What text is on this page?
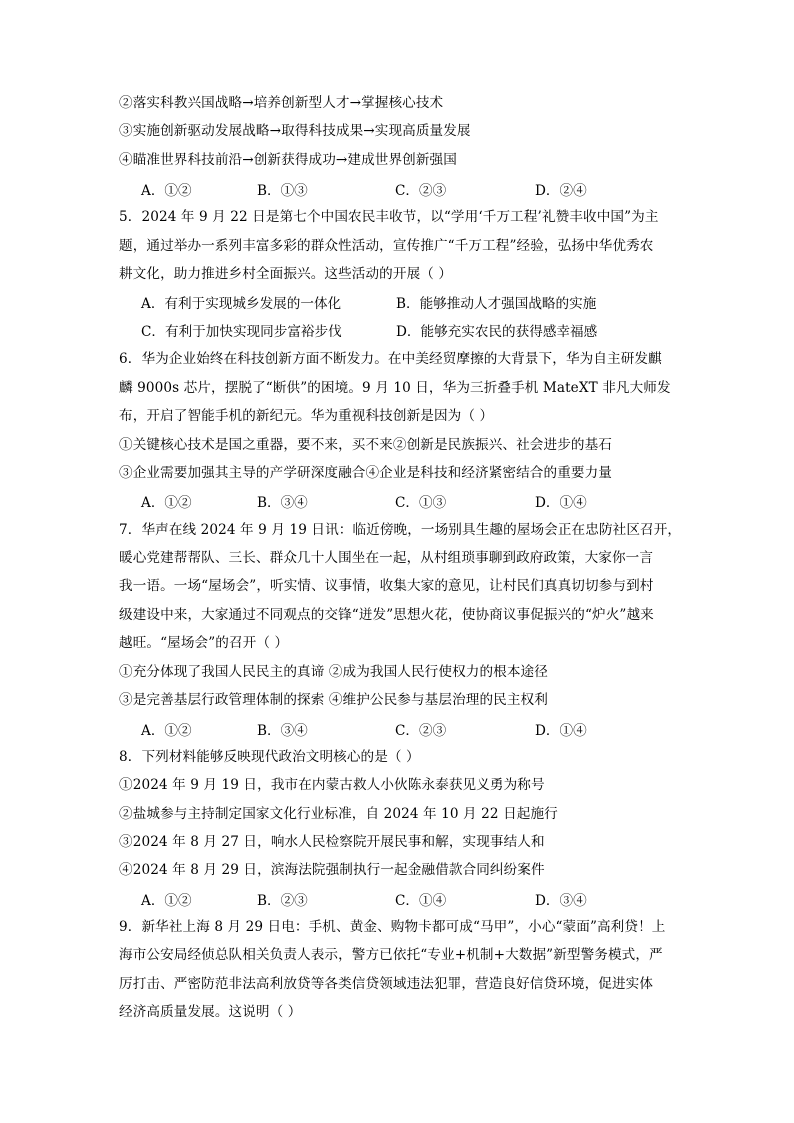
②落实科教兴国战略→培养创新型人才→掌握核心技术
③实施创新驱动发展战略→取得科技成果→实现高质量发展
④瞄准世界科技前沿→创新获得成功→建成世界创新强国
A．①②	B．①③	C．②③	D．②④
5．2024 年 9 月 22 日是第七个中国农民丰收节，以“学用‘千万工程’礼赞丰收中国”为主
题，通过举办一系列丰富多彩的群众性活动，宣传推广“千万工程”经验，弘扬中华优秀农
耕文化，助力推进乡村全面振兴。这些活动的开展（ ）
A．有利于实现城乡发展的一体化	B．能够推动人才强国战略的实施
C．有利于加快实现同步富裕步伐	D．能够充实农民的获得感幸福感
6．华为企业始终在科技创新方面不断发力。在中美经贸摩擦的大背景下，华为自主研发麒
麟 9000s 芯片，摆脱了“断供”的困境。9 月 10 日，华为三折叠手机 MateXT 非凡大师发
布，开启了智能手机的新纪元。华为重视科技创新是因为（ ）
①关键核心技术是国之重器，要不来，买不来②创新是民族振兴、社会进步的基石
③企业需要加强其主导的产学研深度融合④企业是科技和经济紧密结合的重要力量
A．①②	B．③④	C．①③	D．①④
7．华声在线 2024 年 9 月 19 日讯：临近傍晚，一场别具生趣的屋场会正在忠防社区召开，
暖心党建帮帮队、三长、群众几十人围坐在一起，从村组琐事聊到政府政策，大家你一言
我一语。一场“屋场会”，听实情、议事情，收集大家的意见，让村民们真真切切参与到村
级建设中来，大家通过不同观点的交锋“迸发”思想火花，使协商议事促振兴的“炉火”越来
越旺。“屋场会”的召开（ ）
①充分体现了我国人民民主的真谛 ②成为我国人民行使权力的根本途径
③是完善基层行政管理体制的探索 ④维护公民参与基层治理的民主权利
A．①②	B．③④	C．②③	D．①④
8．下列材料能够反映现代政治文明核心的是（ ）
①2024 年 9 月 19 日，我市在内蒙古救人小伙陈永泰获见义勇为称号
②盐城参与主持制定国家文化行业标准，自 2024 年 10 月 22 日起施行
③2024 年 8 月 27 日，响水人民检察院开展民事和解，实现事结人和
④2024 年 8 月 29 日，滨海法院强制执行一起金融借款合同纠纷案件
A．①②	B．②③	C．①④	D．③④
9．新华社上海 8 月 29 日电：手机、黄金、购物卡都可成“马甲”，小心“蒙面”高利贷！上
海市公安局经侦总队相关负责人表示，警方已依托“专业+机制+大数据”新型警务模式，严
厉打击、严密防范非法高利放贷等各类信贷领域违法犯罪，营造良好信贷环境，促进实体
经济高质量发展。这说明（ ）
